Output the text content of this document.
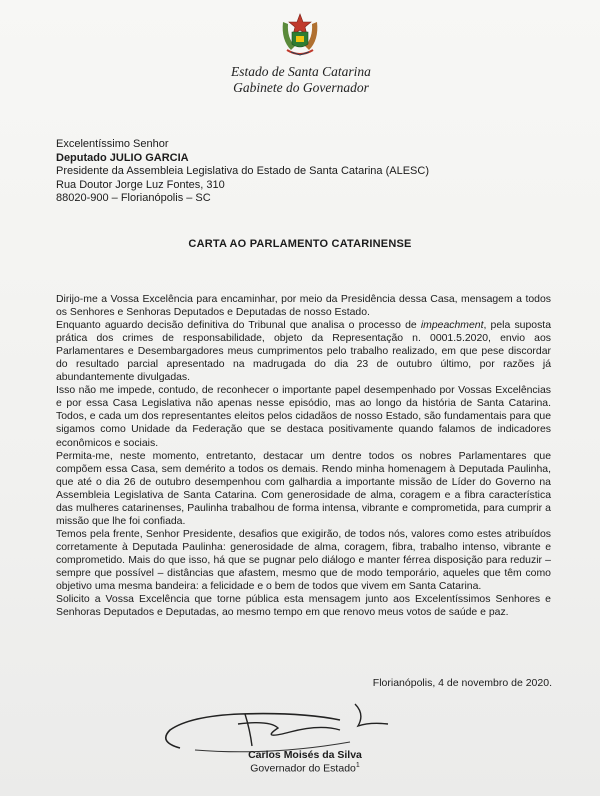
Estado de Santa Catarina
Gabinete do Governador
Excelentíssimo Senhor
Deputado JULIO GARCIA
Presidente da Assembleia Legislativa do Estado de Santa Catarina (ALESC)
Rua Doutor Jorge Luz Fontes, 310
88020-900 – Florianópolis – SC
CARTA AO PARLAMENTO CATARINENSE

Dirijo-me a Vossa Excelência para encaminhar, por meio da Presidência dessa Casa, mensagem a todos os Senhores e Senhoras Deputados e Deputadas de nosso Estado.

Enquanto aguardo decisão definitiva do Tribunal que analisa o processo de impeachment, pela suposta prática dos crimes de responsabilidade, objeto da Representação n. 0001.5.2020, envio aos Parlamentares e Desembargadores meus cumprimentos pelo trabalho realizado, em que pese discordar do resultado parcial apresentado na madrugada do dia 23 de outubro último, por razões já abundantemente divulgadas.

Isso não me impede, contudo, de reconhecer o importante papel desempenhado por Vossas Excelências e por essa Casa Legislativa não apenas nesse episódio, mas ao longo da história de Santa Catarina. Todos, e cada um dos representantes eleitos pelos cidadãos de nosso Estado, são fundamentais para que sigamos como Unidade da Federação que se destaca positivamente quando falamos de indicadores econômicos e sociais.

Permita-me, neste momento, entretanto, destacar um dentre todos os nobres Parlamentares que compõem essa Casa, sem demérito a todos os demais. Rendo minha homenagem à Deputada Paulinha, que até o dia 26 de outubro desempenhou com galhardia a importante missão de Líder do Governo na Assembleia Legislativa de Santa Catarina. Com generosidade de alma, coragem e a fibra característica das mulheres catarinenses, Paulinha trabalhou de forma intensa, vibrante e comprometida, para cumprir a missão que lhe foi confiada.

Temos pela frente, Senhor Presidente, desafios que exigirão, de todos nós, valores como estes atribuídos corretamente à Deputada Paulinha: generosidade de alma, coragem, fibra, trabalho intenso, vibrante e comprometido. Mais do que isso, há que se pugnar pelo diálogo e manter férrea disposição para reduzir – sempre que possível – distâncias que afastem, mesmo que de modo temporário, aqueles que têm como objetivo uma mesma bandeira: a felicidade e o bem de todos que vivem em Santa Catarina.

Solicito a Vossa Excelência que torne pública esta mensagem junto aos Excelentíssimos Senhores e Senhoras Deputados e Deputadas, ao mesmo tempo em que renovo meus votos de saúde e paz.

Florianópolis, 4 de novembro de 2020.
Carlos Moisés da Silva
Governador do Estado$^1$
